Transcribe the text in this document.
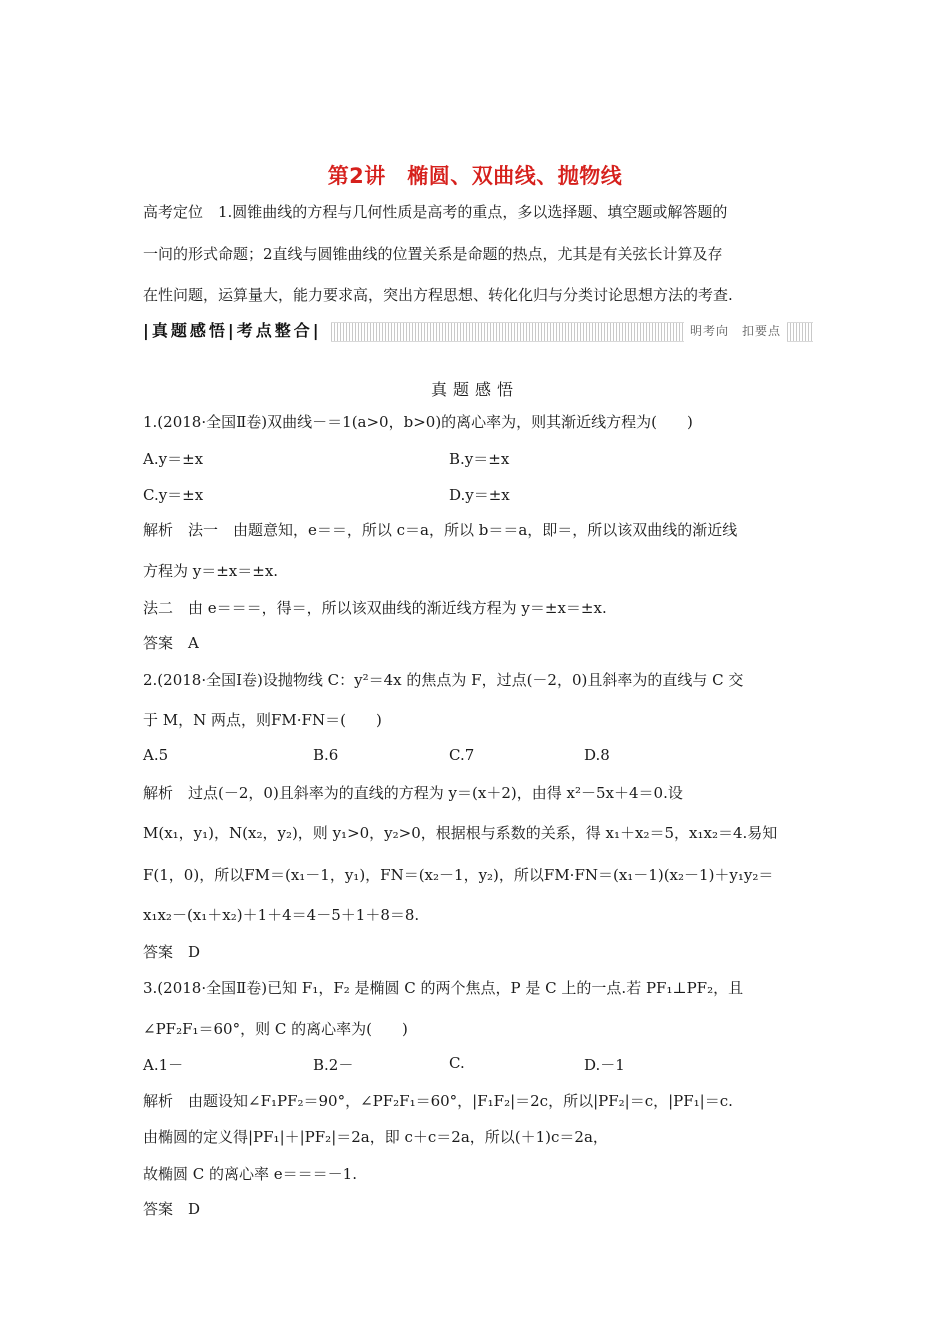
第2讲　椭圆、双曲线、抛物线
高考定位　1.圆锥曲线的方程与几何性质是高考的重点，多以选择题、填空题或解答题的
一问的形式命题；2直线与圆锥曲线的位置关系是命题的热点，尤其是有关弦长计算及存
在性问题，运算量大，能力要求高，突出方程思想、转化化归与分类讨论思想方法的考查.
|真题感悟|考点整合|	明考向　扣要点
真题感悟
1.(2018·全国Ⅱ卷)双曲线－＝1(a>0，b>0)的离心率为，则其渐近线方程为(　　)
A.y＝±x	B.y＝±x
C.y＝±x	D.y＝±x
解析　法一　由题意知，e＝＝，所以 c＝a，所以 b＝＝a，即＝，所以该双曲线的渐近线
方程为 y＝±x＝±x.
法二　由 e＝＝＝，得＝，所以该双曲线的渐近线方程为 y＝±x＝±x.
答案　A
2.(2018·全国Ⅰ卷)设抛物线 C：y²＝4x 的焦点为 F，过点(－2，0)且斜率为的直线与 C 交
于 M，N 两点，则FM·FN＝(　　)
A.5	B.6	C.7	D.8
解析　过点(－2，0)且斜率为的直线的方程为 y＝(x＋2)，由得 x²－5x＋4＝0.设
M(x₁，y₁)，N(x₂，y₂)，则 y₁>0，y₂>0，根据根与系数的关系，得 x₁＋x₂＝5，x₁x₂＝4.易知
F(1，0)，所以FM＝(x₁－1，y₁)，FN＝(x₂－1，y₂)，所以FM·FN＝(x₁－1)(x₂－1)＋y₁y₂＝
x₁x₂－(x₁＋x₂)＋1＋4＝4－5＋1＋8＝8.
答案　D
3.(2018·全国Ⅱ卷)已知 F₁，F₂ 是椭圆 C 的两个焦点，P 是 C 上的一点.若 PF₁⊥PF₂，且
∠PF₂F₁＝60°，则 C 的离心率为(　　)
A.1－	B.2－	C.	D.－1
解析　由题设知∠F₁PF₂＝90°，∠PF₂F₁＝60°，|F₁F₂|＝2c，所以|PF₂|＝c，|PF₁|＝c.
由椭圆的定义得|PF₁|＋|PF₂|＝2a，即 c＋c＝2a，所以(＋1)c＝2a，
故椭圆 C 的离心率 e＝＝＝－1.
答案　D
